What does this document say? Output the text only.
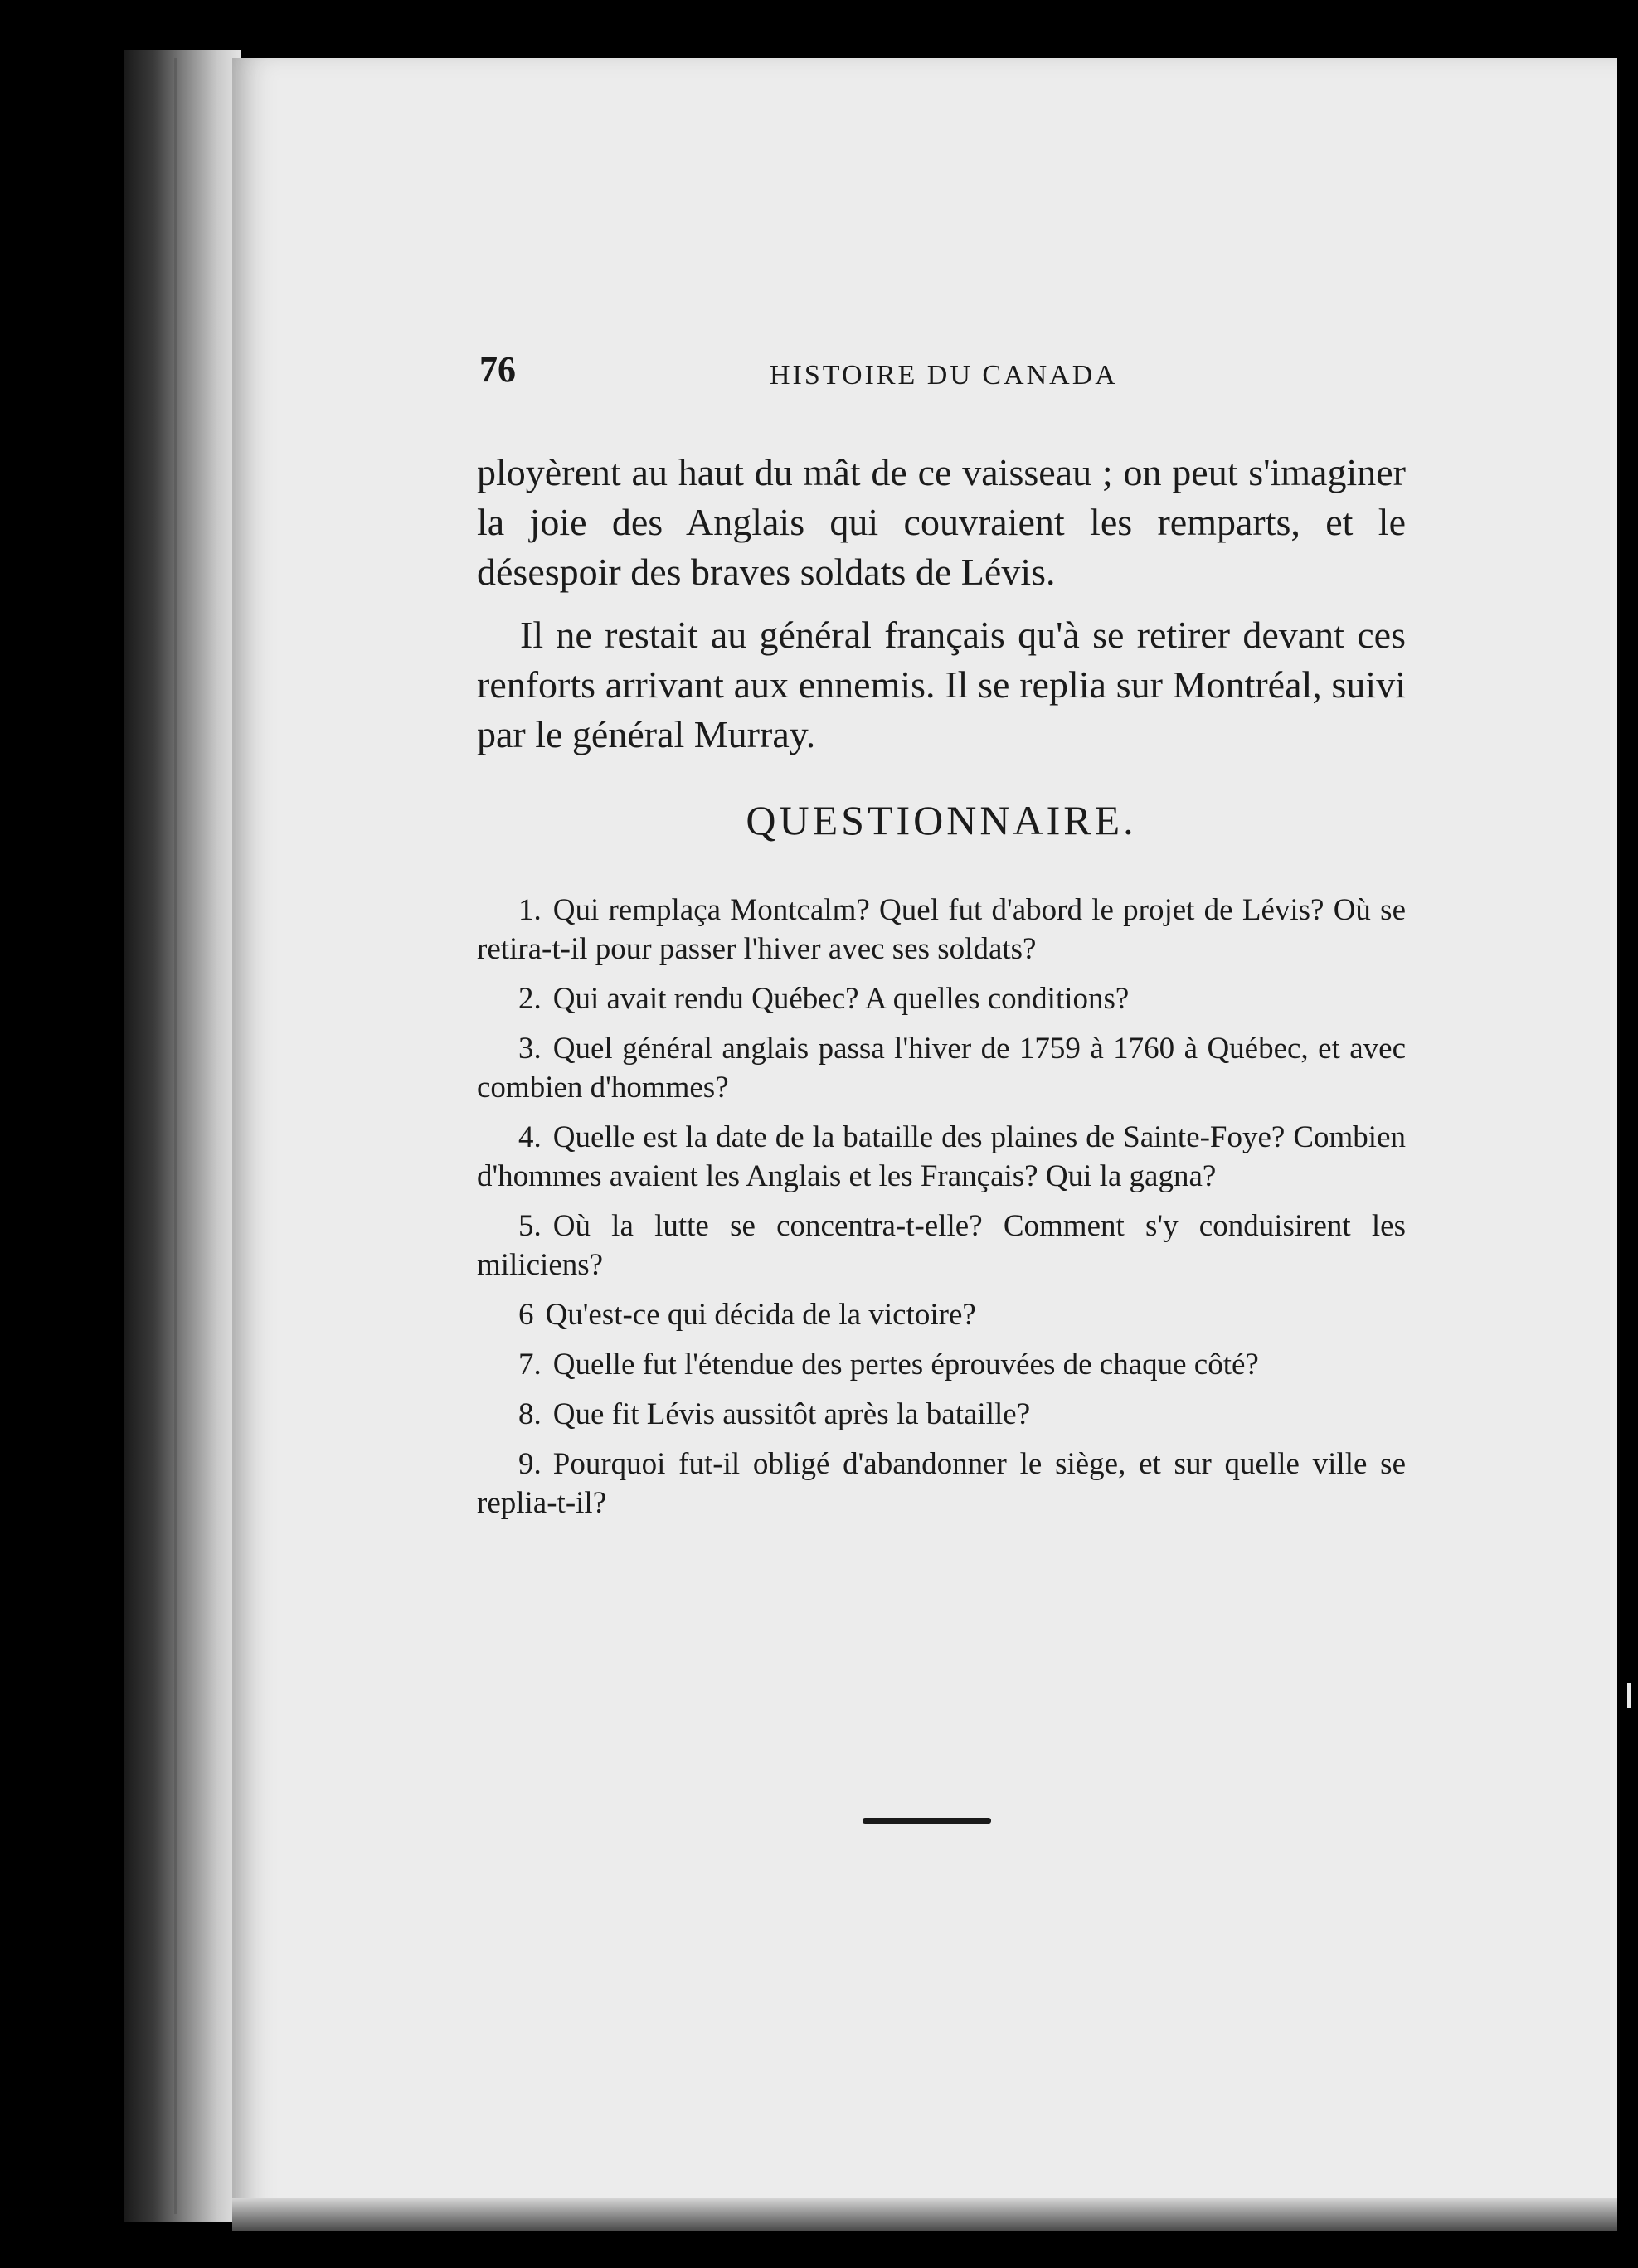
76	HISTOIRE DU CANADA

ployèrent au haut du mât de ce vaisseau ; on peut s'imaginer la joie des Anglais qui couvraient les remparts, et le désespoir des braves soldats de Lévis.

Il ne restait au général français qu'à se retirer devant ces renforts arrivant aux ennemis. Il se replia sur Montréal, suivi par le général Murray.

QUESTIONNAIRE.
1. Qui remplaça Montcalm? Quel fut d'abord le projet de Lévis? Où se retira-t-il pour passer l'hiver avec ses soldats?
2. Qui avait rendu Québec? A quelles conditions?
3. Quel général anglais passa l'hiver de 1759 à 1760 à Québec, et avec combien d'hommes?
4. Quelle est la date de la bataille des plaines de Sainte-Foye? Combien d'hommes avaient les Anglais et les Français? Qui la gagna?
5. Où la lutte se concentra-t-elle? Comment s'y conduisirent les miliciens?
6 Qu'est-ce qui décida de la victoire?
7. Quelle fut l'étendue des pertes éprouvées de chaque côté?
8. Que fit Lévis aussitôt après la bataille?
9. Pourquoi fut-il obligé d'abandonner le siège, et sur quelle ville se replia-t-il?
